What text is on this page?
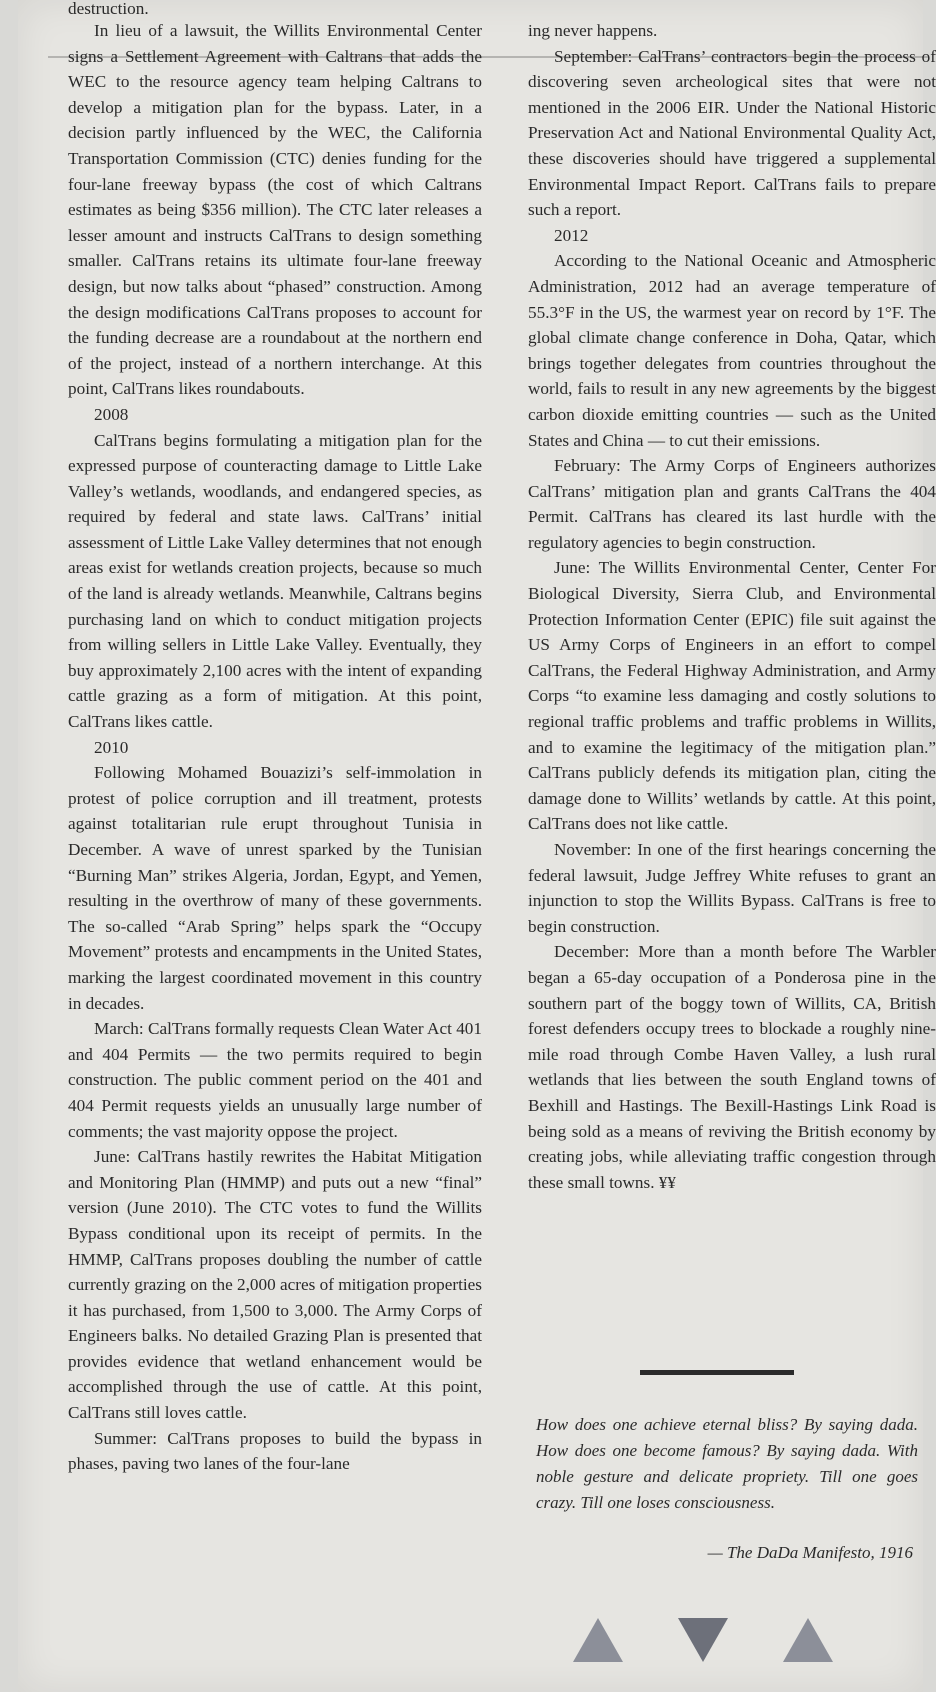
destruction.

In lieu of a lawsuit, the Willits Environmental Center signs a Settlement Agreement with Caltrans that adds the WEC to the resource agency team helping Caltrans to develop a mitigation plan for the bypass. Later, in a decision partly influenced by the WEC, the California Transportation Commission (CTC) denies funding for the four-lane freeway bypass (the cost of which Caltrans estimates as being $356 million). The CTC later releases a lesser amount and instructs CalTrans to design something smaller. CalTrans retains its ultimate four-lane freeway design, but now talks about “phased” construction. Among the design modifications CalTrans proposes to account for the funding decrease are a roundabout at the northern end of the project, instead of a northern interchange. At this point, CalTrans likes roundabouts.

2008

CalTrans begins formulating a mitigation plan for the expressed purpose of counteracting damage to Little Lake Valley’s wetlands, woodlands, and endangered species, as required by federal and state laws. CalTrans’ initial assessment of Little Lake Valley determines that not enough areas exist for wetlands creation projects, because so much of the land is already wetlands. Meanwhile, Caltrans begins purchasing land on which to conduct mitigation projects from willing sellers in Little Lake Valley. Eventually, they buy approximately 2,100 acres with the intent of expanding cattle grazing as a form of mitigation. At this point, CalTrans likes cattle.

2010

Following Mohamed Bouazizi’s self-immolation in protest of police corruption and ill treatment, protests against totalitarian rule erupt throughout Tunisia in December. A wave of unrest sparked by the Tunisian “Burning Man” strikes Algeria, Jordan, Egypt, and Yemen, resulting in the overthrow of many of these governments. The so-called “Arab Spring” helps spark the “Occupy Movement” protests and encampments in the United States, marking the largest coordinated movement in this country in decades.

March: CalTrans formally requests Clean Water Act 401 and 404 Permits — the two permits required to begin construction. The public comment period on the 401 and 404 Permit requests yields an unusually large number of comments; the vast majority oppose the project.

June: CalTrans hastily rewrites the Habitat Mitigation and Monitoring Plan (HMMP) and puts out a new “final” version (June 2010). The CTC votes to fund the Willits Bypass conditional upon its receipt of permits. In the HMMP, CalTrans proposes doubling the number of cattle currently grazing on the 2,000 acres of mitigation properties it has purchased, from 1,500 to 3,000. The Army Corps of Engineers balks. No detailed Grazing Plan is presented that provides evidence that wetland enhancement would be accomplished through the use of cattle. At this point, CalTrans still loves cattle.

Summer: CalTrans proposes to build the bypass in phases, paving two lanes of the four-lane

ing never happens.

September: CalTrans’ contractors begin the process of discovering seven archeological sites that were not mentioned in the 2006 EIR. Under the National Historic Preservation Act and National Environmental Quality Act, these discoveries should have triggered a supplemental Environmental Impact Report. CalTrans fails to prepare such a report.

2012

According to the National Oceanic and Atmospheric Administration, 2012 had an average temperature of 55.3°F in the US, the warmest year on record by 1°F. The global climate change conference in Doha, Qatar, which brings together delegates from countries throughout the world, fails to result in any new agreements by the biggest carbon dioxide emitting countries — such as the United States and China — to cut their emissions.

February: The Army Corps of Engineers authorizes CalTrans’ mitigation plan and grants CalTrans the 404 Permit. CalTrans has cleared its last hurdle with the regulatory agencies to begin construction.

June: The Willits Environmental Center, Center For Biological Diversity, Sierra Club, and Environmental Protection Information Center (EPIC) file suit against the US Army Corps of Engineers in an effort to compel CalTrans, the Federal Highway Administration, and Army Corps “to examine less damaging and costly solutions to regional traffic problems and traffic problems in Willits, and to examine the legitimacy of the mitigation plan.” CalTrans publicly defends its mitigation plan, citing the damage done to Willits’ wetlands by cattle. At this point, CalTrans does not like cattle.

November: In one of the first hearings concerning the federal lawsuit, Judge Jeffrey White refuses to grant an injunction to stop the Willits Bypass. CalTrans is free to begin construction.

December: More than a month before The Warbler began a 65-day occupation of a Ponderosa pine in the southern part of the boggy town of Willits, CA, British forest defenders occupy trees to blockade a roughly nine-mile road through Combe Haven Valley, a lush rural wetlands that lies between the south England towns of Bexhill and Hastings. The Bexill-Hastings Link Road is being sold as a means of reviving the British economy by creating jobs, while alleviating traffic congestion through these small towns. ¥¥

How does one achieve eternal bliss? By saying dada. How does one become famous? By saying dada. With noble gesture and delicate propriety. Till one goes crazy. Till one loses consciousness.
— The DaDa Manifesto, 1916
